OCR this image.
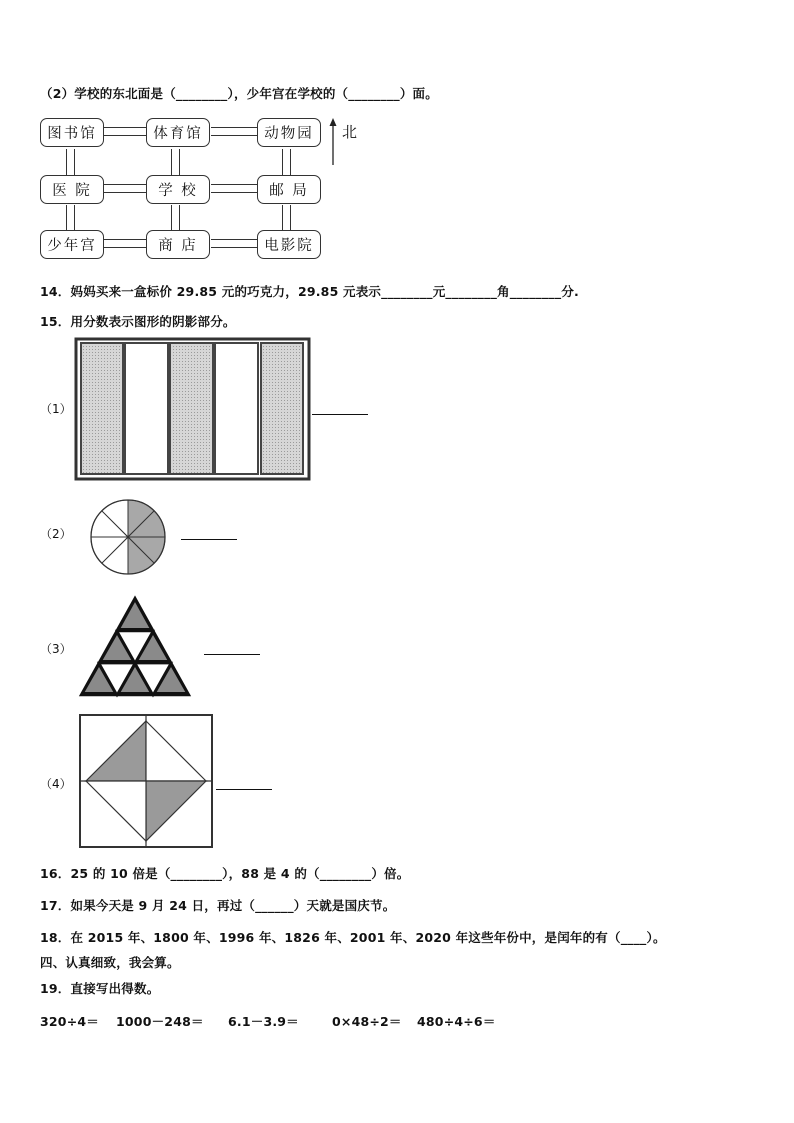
（2）学校的东北面是（________），少年宫在学校的（________）面。
图书馆	体育馆	动物园
医 院	学 校	邮 局
少年宫	商 店	电影院
北
14．妈妈买来一盒标价 29.85 元的巧克力，29.85 元表示________元________角________分.
15．用分数表示图形的阴影部分。
（1）
（2）
（3）
（4）
16．25 的 10 倍是（________），88 是 4 的（________）倍。
17．如果今天是 9 月 24 日，再过（______）天就是国庆节。
18．在 2015 年、1800 年、1996 年、1826 年、2001 年、2020 年这些年份中，是闰年的有（____）。
四、认真细致，我会算。
19．直接写出得数。
320÷4＝ 1000－248＝ 6.1－3.9＝	0×48÷2＝ 480÷4÷6＝
